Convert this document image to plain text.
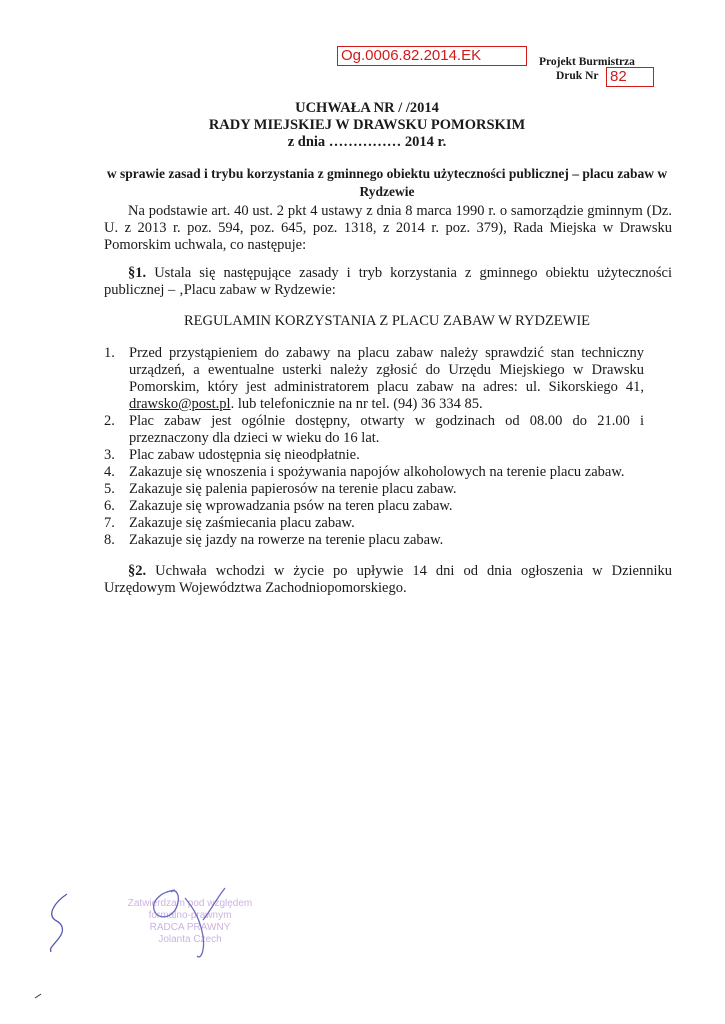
Og.0006.82.2014.EK	Projekt Burmistrza
Druk Nr 82
UCHWAŁA NR / /2014
RADY MIEJSKIEJ W DRAWSKU POMORSKIM
z dnia …………… 2014 r.
w sprawie zasad i trybu korzystania z gminnego obiektu użyteczności publicznej – placu zabaw w Rydzewie
Na podstawie art. 40 ust. 2 pkt 4 ustawy z dnia 8 marca 1990 r. o samorządzie gminnym (Dz. U. z 2013 r. poz. 594, poz. 645, poz. 1318, z 2014 r. poz. 379), Rada Miejska w Drawsku Pomorskim uchwala, co następuje:
§1. Ustala się następujące zasady i tryb korzystania z gminnego obiektu użyteczności publicznej – ‚Placu zabaw w Rydzewie:
REGULAMIN KORZYSTANIA Z PLACU ZABAW W RYDZEWIE
1. Przed przystąpieniem do zabawy na placu zabaw należy sprawdzić stan techniczny urządzeń, a ewentualne usterki należy zgłosić do Urzędu Miejskiego w Drawsku Pomorskim, który jest administratorem placu zabaw na adres: ul. Sikorskiego 41, drawsko@post.pl. lub telefonicznie na nr tel. (94) 36 334 85.
2. Plac zabaw jest ogólnie dostępny, otwarty w godzinach od 08.00 do 21.00 i przeznaczony dla dzieci w wieku do 16 lat.
3. Plac zabaw udostępnia się nieodpłatnie.
4. Zakazuje się wnoszenia i spożywania napojów alkoholowych na terenie placu zabaw.
5. Zakazuje się palenia papierosów na terenie placu zabaw.
6. Zakazuje się wprowadzania psów na teren placu zabaw.
7. Zakazuje się zaśmiecania placu zabaw.
8. Zakazuje się jazdy na rowerze na terenie placu zabaw.
§2. Uchwała wchodzi w życie po upływie 14 dni od dnia ogłoszenia w Dzienniku Urzędowym Województwa Zachodniopomorskiego.
Zatwierdzam pod względem
formalno-prawnym
RADCA PRAWNY
Jolanta Czech
